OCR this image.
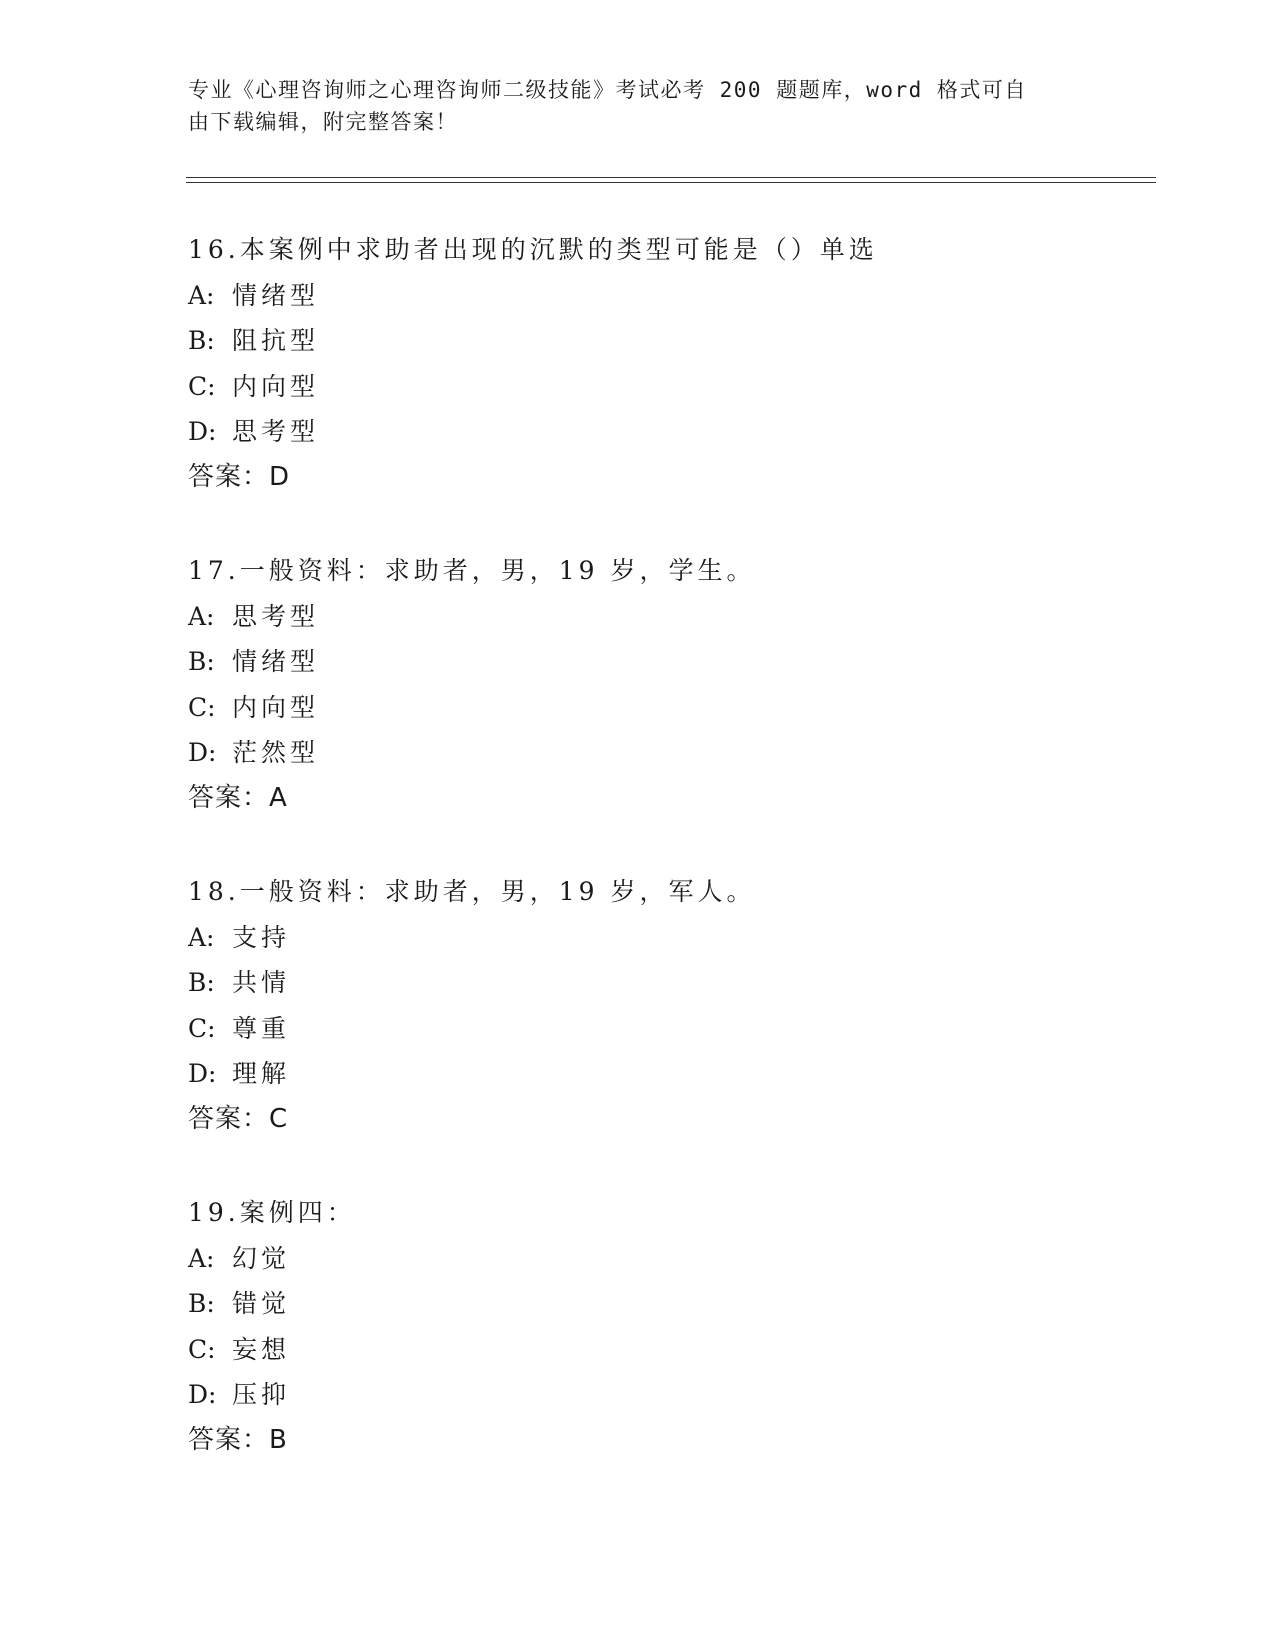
专业《心理咨询师之心理咨询师二级技能》考试必考 200 题题库，word 格式可自
由下载编辑，附完整答案！
16.本案例中求助者出现的沉默的类型可能是（）单选
A: 情绪型
B: 阻抗型
C: 内向型
D: 思考型
答案：D
17.一般资料：求助者，男，19 岁，学生。
A: 思考型
B: 情绪型
C: 内向型
D: 茫然型
答案：A
18.一般资料：求助者，男，19 岁，军人。
A: 支持
B: 共情
C: 尊重
D: 理解
答案：C
19.案例四：
A: 幻觉
B: 错觉
C: 妄想
D: 压抑
答案：B
